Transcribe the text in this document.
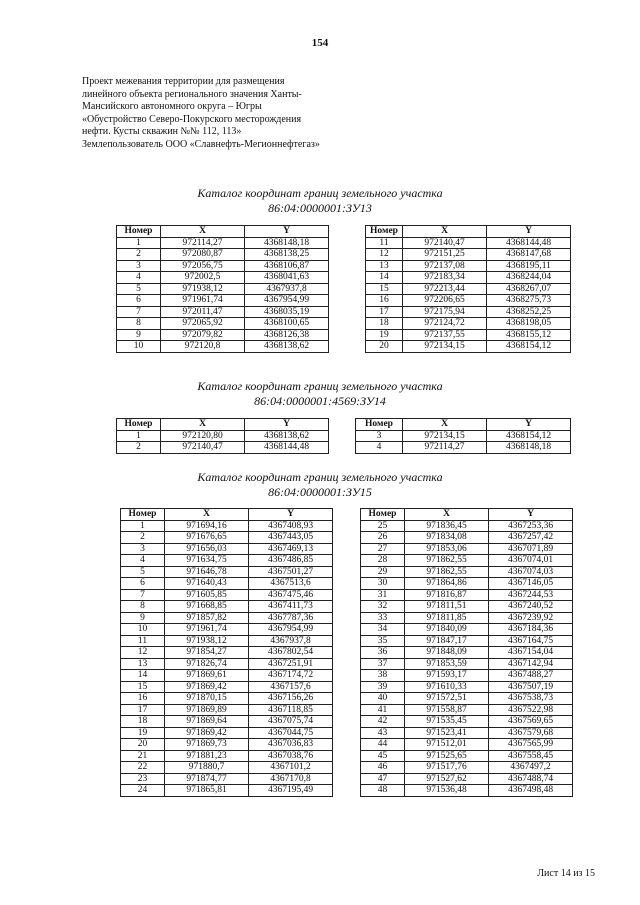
154
Проект межевания территории для размещения
линейного объекта регионального значения Ханты-
Мансийского автономного округа – Югры
«Обустройство Северо-Покурского месторождения
нефти. Кусты скважин №№ 112, 113»
Землепользователь ООО «Славнефть-Мегионнефтегаз»
Каталог координат границ земельного участка
86:04:0000001:ЗУ13
Номер	X	Y
1	972114,27	4368148,18
2	972080,87	4368138,25
3	972056,75	4368106,87
4	972002,5	4368041,63
5	971938,12	4367937,8
6	971961,74	4367954,99
7	972011,47	4368035,19
8	972065,92	4368100,65
9	972079,82	4368126,38
10	972120,8	4368138,62
Номер	X	Y
11	972140,47	4368144,48
12	972151,25	4368147,68
13	972137,08	4368195,11
14	972183,34	4368244,04
15	972213,44	4368267,07
16	972206,65	4368275,73
17	972175,94	4368252,25
18	972124,72	4368198,05
19	972137,55	4368155,12
20	972134,15	4368154,12
Каталог координат границ земельного участка
86:04:0000001:4569:ЗУ14
Номер	X	Y
1	972120,80	4368138,62
2	972140,47	4368144,48
Номер	X	Y
3	972134,15	4368154,12
4	972114,27	4368148,18
Каталог координат границ земельного участка
86:04:0000001:ЗУ15
Номер	X	Y
1	971694,16	4367408,93
2	971676,65	4367443,05
3	971656,03	4367469,13
4	971634,75	4367486,85
5	971646,78	4367501,27
6	971640,43	4367513,6
7	971605,85	4367475,46
8	971668,85	4367411,73
9	971857,82	4367787,36
10	971961,74	4367954,99
11	971938,12	4367937,8
12	971854,27	4367802,54
13	971826,74	4367251,91
14	971869,61	4367174,72
15	971869,42	4367157,6
16	971870,15	4367156,26
17	971869,89	4367118,85
18	971869,64	4367075,74
19	971869,42	4367044,75
20	971869,73	4367036,83
21	971881,23	4367038,76
22	971880,7	4367101,2
23	971874,77	4367170,8
24	971865,81	4367195,49
Номер	X	Y
25	971836,45	4367253,36
26	971834,08	4367257,42
27	971853,06	4367071,89
28	971862,55	4367074,01
29	971862,55	4367074,03
30	971864,86	4367146,05
31	971816,87	4367244,53
32	971811,51	4367240,52
33	971811,85	4367239,92
34	971840,09	4367184,36
35	971847,17	4367164,75
36	971848,09	4367154,04
37	971853,59	4367142,94
38	971593,17	4367488,27
39	971610,33	4367507,19
40	971572,51	4367538,73
41	971558,87	4367522,98
42	971535,45	4367569,65
43	971523,41	4367579,68
44	971512,01	4367565,99
45	971525,65	4367558,45
46	971517,76	4367497,2
47	971527,62	4367488,74
48	971536,48	4367498,48
Лист 14 из 15
